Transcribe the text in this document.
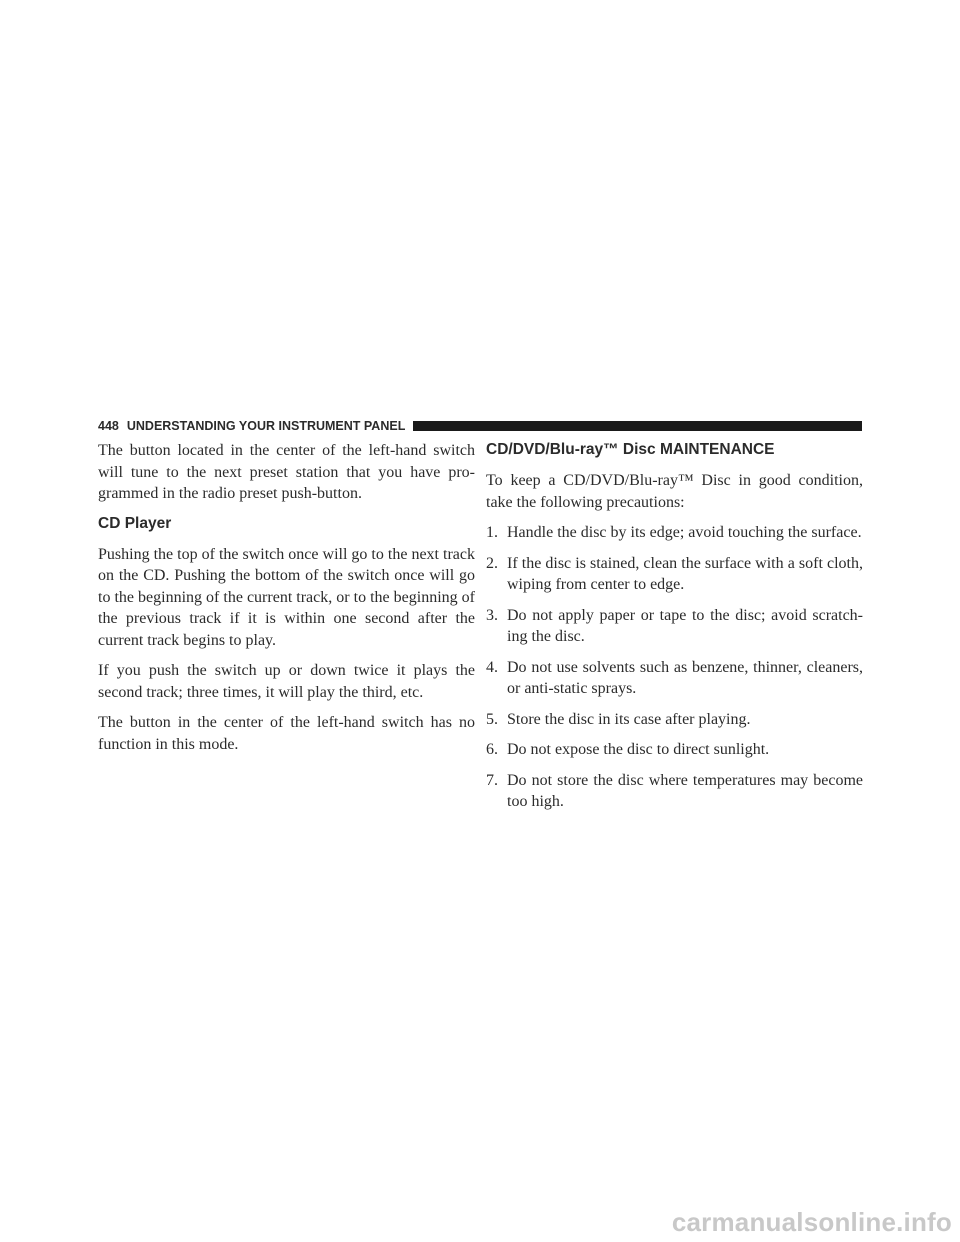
448 UNDERSTANDING YOUR INSTRUMENT PANEL

The button located in the center of the left-hand switch will tune to the next preset station that you have pro-grammed in the radio preset push-button.

CD Player

Pushing the top of the switch once will go to the next track on the CD. Pushing the bottom of the switch once will go to the beginning of the current track, or to the beginning of the previous track if it is within one second after the current track begins to play.

If you push the switch up or down twice it plays the second track; three times, it will play the third, etc.

The button in the center of the left-hand switch has no function in this mode.

CD/DVD/Blu-ray™ Disc MAINTENANCE

To keep a CD/DVD/Blu-ray™ Disc in good condition, take the following precautions:

1. Handle the disc by its edge; avoid touching the surface.
2. If the disc is stained, clean the surface with a soft cloth, wiping from center to edge.
3. Do not apply paper or tape to the disc; avoid scratch-ing the disc.
4. Do not use solvents such as benzene, thinner, cleaners, or anti-static sprays.
5. Store the disc in its case after playing.
6. Do not expose the disc to direct sunlight.
7. Do not store the disc where temperatures may become too high.
carmanualsonline.info
